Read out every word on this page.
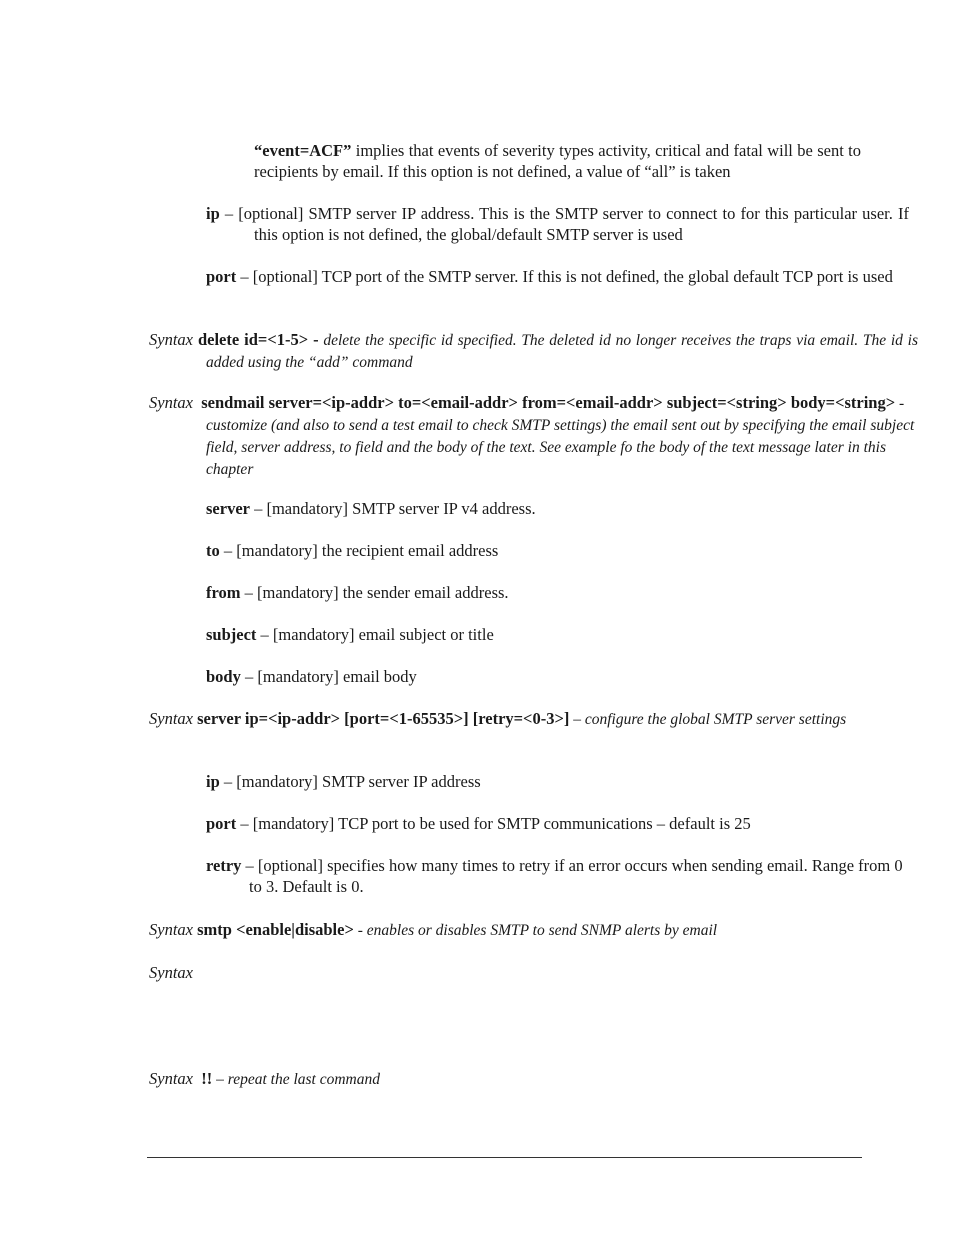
“event=ACF” implies that events of severity types activity, critical and fatal will be sent to recipients by email. If this option is not defined, a value of “all” is taken
ip – [optional] SMTP server IP address. This is the SMTP server to connect to for this particular user. If this option is not defined, the global/default SMTP server is used
port – [optional] TCP port of the SMTP server. If this is not defined, the global default TCP port is used
Syntax delete id=<1-5> - delete the specific id specified. The deleted id no longer receives the traps via email. The id is added using the “add” command
Syntax sendmail server=<ip-addr> to=<email-addr> from=<email-addr> subject=<string> body=<string> - customize (and also to send a test email to check SMTP settings) the email sent out by specifying the email subject field, server address, to field and the body of the text. See example fo the body of the text message later in this chapter
server – [mandatory] SMTP server IP v4 address.
to – [mandatory] the recipient email address
from – [mandatory] the sender email address.
subject – [mandatory] email subject or title
body – [mandatory] email body
Syntax server ip=<ip-addr> [port=<1-65535>] [retry=<0-3>] – configure the global SMTP server settings
ip – [mandatory] SMTP server IP address
port – [mandatory] TCP port to be used for SMTP communications – default is 25
retry – [optional] specifies how many times to retry if an error occurs when sending email. Range from 0 to 3. Default is 0.
Syntax smtp <enable|disable> - enables or disables SMTP to send SNMP alerts by email
Syntax
Syntax !! – repeat the last command
